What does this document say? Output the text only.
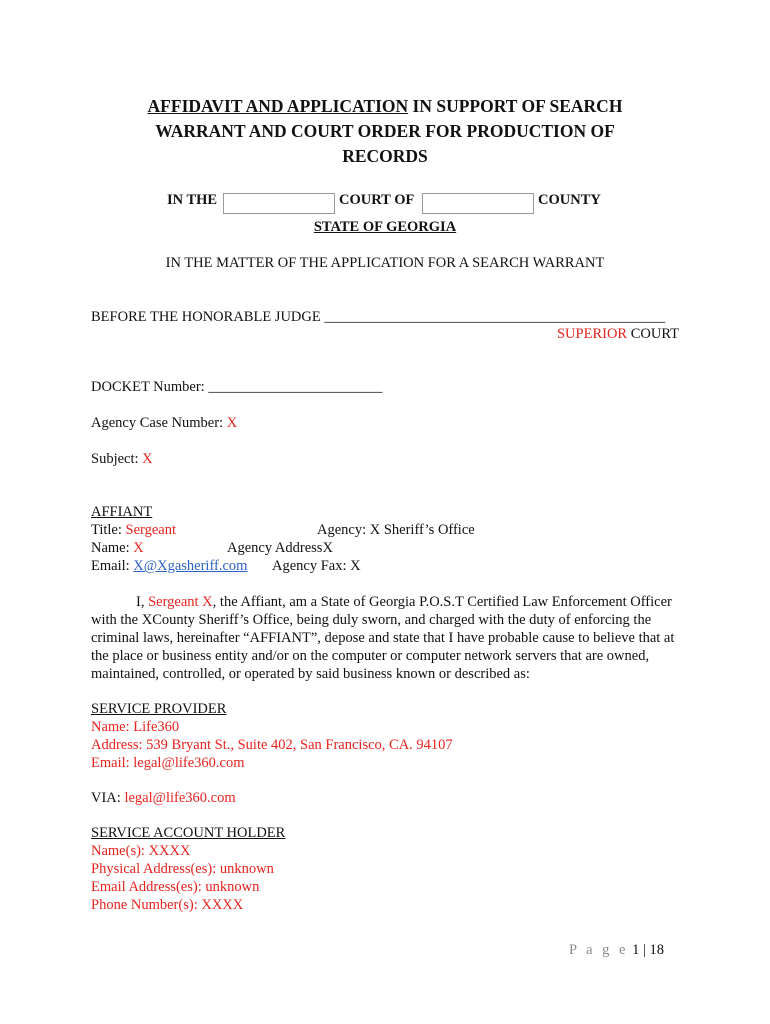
AFFIDAVIT AND APPLICATION IN SUPPORT OF SEARCH
WARRANT AND COURT ORDER FOR PRODUCTION OF
RECORDS
IN THE	COURT OF	COUNTY
STATE OF GEORGIA
IN THE MATTER OF THE APPLICATION FOR A SEARCH WARRANT
BEFORE THE HONORABLE JUDGE _______________________________________________
SUPERIOR COURT
DOCKET Number: ________________________
Agency Case Number: X
Subject: X
AFFIANT
Title: Sergeant	Agency: X Sheriff’s Office
Name: X	Agency AddressX
Email: X@Xgasheriff.com Agency Fax: X
I, Sergeant X, the Affiant, am a State of Georgia P.O.S.T Certified Law Enforcement Officer with the XCounty Sheriff’s Office, being duly sworn, and charged with the duty of enforcing the criminal laws, hereinafter “AFFIANT”, depose and state that I have probable cause to believe that at the place or business entity and/or on the computer or computer network servers that are owned, maintained, controlled, or operated by said business known or described as:
SERVICE PROVIDER
Name: Life360
Address: 539 Bryant St., Suite 402, San Francisco, CA. 94107
Email: legal@life360.com
VIA: legal@life360.com
SERVICE ACCOUNT HOLDER
Name(s): XXXX
Physical Address(es): unknown
Email Address(es): unknown
Phone Number(s): XXXX
P a g e 1 | 18
